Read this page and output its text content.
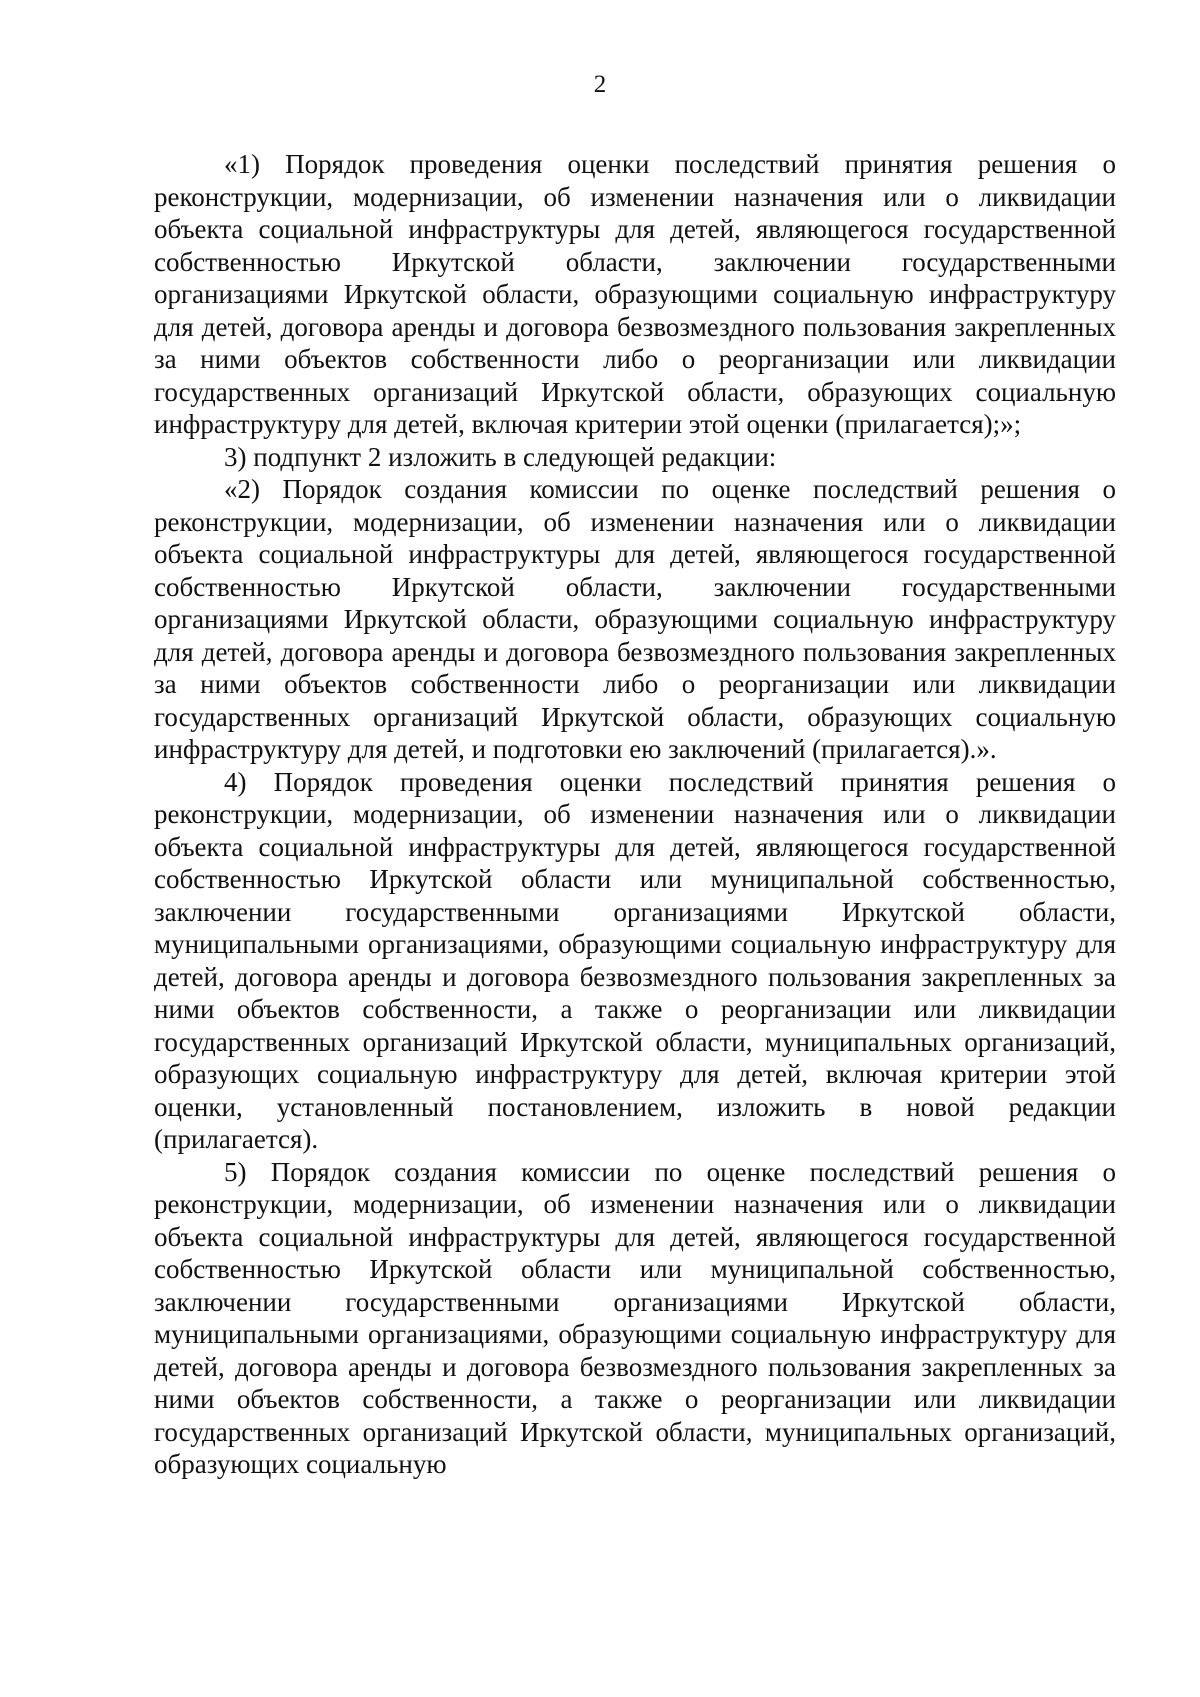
2

«1) Порядок проведения оценки последствий принятия решения о реконструкции, модернизации, об изменении назначения или о ликвидации объекта социальной инфраструктуры для детей, являющегося государственной собственностью Иркутской области, заключении государственными организациями Иркутской области, образующими социальную инфраструктуру для детей, договора аренды и договора безвозмездного пользования закрепленных за ними объектов собственности либо о реорганизации или ликвидации государственных организаций Иркутской области, образующих социальную инфраструктуру для детей, включая критерии этой оценки (прилагается);»;

3) подпункт 2 изложить в следующей редакции:

«2) Порядок создания комиссии по оценке последствий решения о реконструкции, модернизации, об изменении назначения или о ликвидации объекта социальной инфраструктуры для детей, являющегося государственной собственностью Иркутской области, заключении государственными организациями Иркутской области, образующими социальную инфраструктуру для детей, договора аренды и договора безвозмездного пользования закрепленных за ними объектов собственности либо о реорганизации или ликвидации государственных организаций Иркутской области, образующих социальную инфраструктуру для детей, и подготовки ею заключений (прилагается).».

4) Порядок проведения оценки последствий принятия решения о реконструкции, модернизации, об изменении назначения или о ликвидации объекта социальной инфраструктуры для детей, являющегося государственной собственностью Иркутской области или муниципальной собственностью, заключении государственными организациями Иркутской области, муниципальными организациями, образующими социальную инфраструктуру для детей, договора аренды и договора безвозмездного пользования закрепленных за ними объектов собственности, а также о реорганизации или ликвидации государственных организаций Иркутской области, муниципальных организаций, образующих социальную инфраструктуру для детей, включая критерии этой оценки, установленный постановлением, изложить в новой редакции (прилагается).

5) Порядок создания комиссии по оценке последствий решения о реконструкции, модернизации, об изменении назначения или о ликвидации объекта социальной инфраструктуры для детей, являющегося государственной собственностью Иркутской области или муниципальной собственностью, заключении государственными организациями Иркутской области, муниципальными организациями, образующими социальную инфраструктуру для детей, договора аренды и договора безвозмездного пользования закрепленных за ними объектов собственности, а также о реорганизации или ликвидации государственных организаций Иркутской области, муниципальных организаций, образующих социальную
